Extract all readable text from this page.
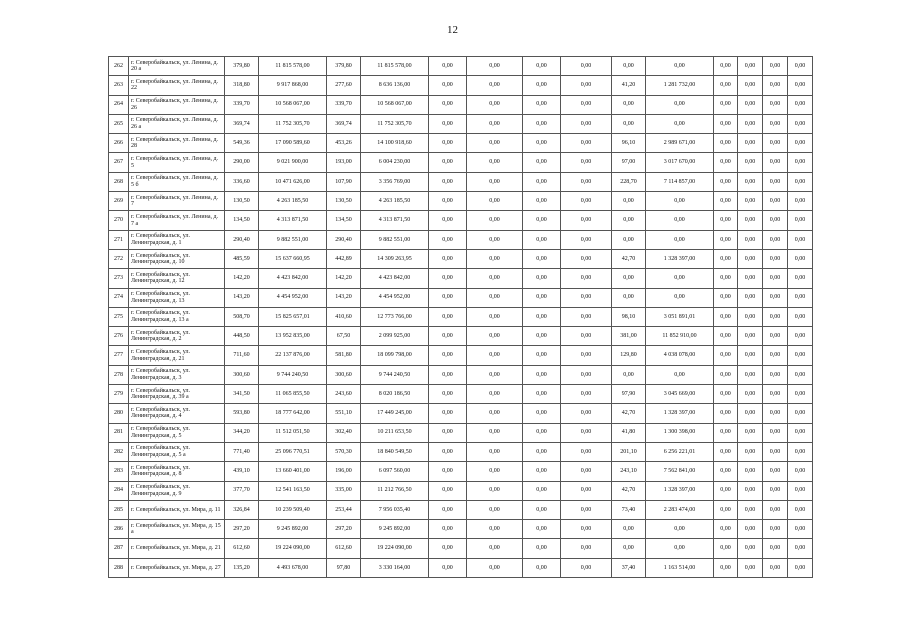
12
262	г. Северобайкальск, ул. Ленина, д. 20 а	379,80	11 815 578,00	379,80	11 815 578,00	0,00	0,00	0,00	0,00	0,00	0,00	0,00	0,00	0,00	0,00
263	г. Северобайкальск, ул. Ленина, д. 22	318,80	9 917 868,00	277,60	8 636 136,00	0,00	0,00	0,00	0,00	41,20	1 281 732,00	0,00	0,00	0,00	0,00
264	г. Северобайкальск, ул. Ленина, д. 26	339,70	10 568 067,00	339,70	10 568 067,00	0,00	0,00	0,00	0,00	0,00	0,00	0,00	0,00	0,00	0,00
265	г. Северобайкальск, ул. Ленина, д. 26 а	369,74	11 752 305,70	369,74	11 752 305,70	0,00	0,00	0,00	0,00	0,00	0,00	0,00	0,00	0,00	0,00
266	г. Северобайкальск, ул. Ленина, д. 28	549,36	17 090 589,60	453,26	14 100 918,60	0,00	0,00	0,00	0,00	96,10	2 989 671,00	0,00	0,00	0,00	0,00
267	г. Северобайкальск, ул. Ленина, д. 5	290,00	9 021 900,00	193,00	6 004 230,00	0,00	0,00	0,00	0,00	97,00	3 017 670,00	0,00	0,00	0,00	0,00
268	г. Северобайкальск, ул. Ленина, д. 5 б	336,60	10 471 626,00	107,90	3 356 769,00	0,00	0,00	0,00	0,00	228,70	7 114 857,00	0,00	0,00	0,00	0,00
269	г. Северобайкальск, ул. Ленина, д. 7	130,50	4 263 185,50	130,50	4 263 185,50	0,00	0,00	0,00	0,00	0,00	0,00	0,00	0,00	0,00	0,00
270	г. Северобайкальск, ул. Ленина, д. 7 а	134,50	4 313 871,50	134,50	4 313 871,50	0,00	0,00	0,00	0,00	0,00	0,00	0,00	0,00	0,00	0,00
271	г. Северобайкальск, ул. Ленинградская, д. 1	290,40	9 882 551,00	290,40	9 882 551,00	0,00	0,00	0,00	0,00	0,00	0,00	0,00	0,00	0,00	0,00
272	г. Северобайкальск, ул. Ленинградская, д. 10	485,59	15 637 660,95	442,89	14 309 263,95	0,00	0,00	0,00	0,00	42,70	1 328 397,00	0,00	0,00	0,00	0,00
273	г. Северобайкальск, ул. Ленинградская, д. 12	142,20	4 423 842,00	142,20	4 423 842,00	0,00	0,00	0,00	0,00	0,00	0,00	0,00	0,00	0,00	0,00
274	г. Северобайкальск, ул. Ленинградская, д. 13	143,20	4 454 952,00	143,20	4 454 952,00	0,00	0,00	0,00	0,00	0,00	0,00	0,00	0,00	0,00	0,00
275	г. Северобайкальск, ул. Ленинградская, д. 13 а	508,70	15 825 657,01	410,60	12 773 766,00	0,00	0,00	0,00	0,00	98,10	3 051 891,01	0,00	0,00	0,00	0,00
276	г. Северобайкальск, ул. Ленинградская, д. 2	448,50	13 952 835,00	67,50	2 099 925,00	0,00	0,00	0,00	0,00	381,00	11 852 910,00	0,00	0,00	0,00	0,00
277	г. Северобайкальск, ул. Ленинградская, д. 21	711,60	22 137 876,00	581,80	18 099 798,00	0,00	0,00	0,00	0,00	129,80	4 038 078,00	0,00	0,00	0,00	0,00
278	г. Северобайкальск, ул. Ленинградская, д. 3	300,60	9 744 240,50	300,60	9 744 240,50	0,00	0,00	0,00	0,00	0,00	0,00	0,00	0,00	0,00	0,00
279	г. Северобайкальск, ул. Ленинградская, д. 39 а	341,50	11 065 855,50	243,60	8 020 186,50	0,00	0,00	0,00	0,00	97,90	3 045 669,00	0,00	0,00	0,00	0,00
280	г. Северобайкальск, ул. Ленинградская, д. 4	593,80	18 777 642,00	551,10	17 449 245,00	0,00	0,00	0,00	0,00	42,70	1 328 397,00	0,00	0,00	0,00	0,00
281	г. Северобайкальск, ул. Ленинградская, д. 5	344,20	11 512 051,50	302,40	10 211 653,50	0,00	0,00	0,00	0,00	41,80	1 300 398,00	0,00	0,00	0,00	0,00
282	г. Северобайкальск, ул. Ленинградская, д. 5 а	771,40	25 096 770,51	570,30	18 840 549,50	0,00	0,00	0,00	0,00	201,10	6 256 221,01	0,00	0,00	0,00	0,00
283	г. Северобайкальск, ул. Ленинградская, д. 8	439,10	13 660 401,00	196,00	6 097 560,00	0,00	0,00	0,00	0,00	243,10	7 562 841,00	0,00	0,00	0,00	0,00
284	г. Северобайкальск, ул. Ленинградская, д. 9	377,70	12 541 163,50	335,00	11 212 766,50	0,00	0,00	0,00	0,00	42,70	1 328 397,00	0,00	0,00	0,00	0,00
285	г. Северобайкальск, ул. Мира, д. 11	326,84	10 239 509,40	253,44	7 956 035,40	0,00	0,00	0,00	0,00	73,40	2 283 474,00	0,00	0,00	0,00	0,00
286	г. Северобайкальск, ул. Мира, д. 15 а	297,20	9 245 892,00	297,20	9 245 892,00	0,00	0,00	0,00	0,00	0,00	0,00	0,00	0,00	0,00	0,00
287	г. Северобайкальск, ул. Мира, д. 21	612,60	19 224 090,00	612,60	19 224 090,00	0,00	0,00	0,00	0,00	0,00	0,00	0,00	0,00	0,00	0,00
288	г. Северобайкальск, ул. Мира, д. 27	135,20	4 493 678,00	97,80	3 330 164,00	0,00	0,00	0,00	0,00	37,40	1 163 514,00	0,00	0,00	0,00	0,00
